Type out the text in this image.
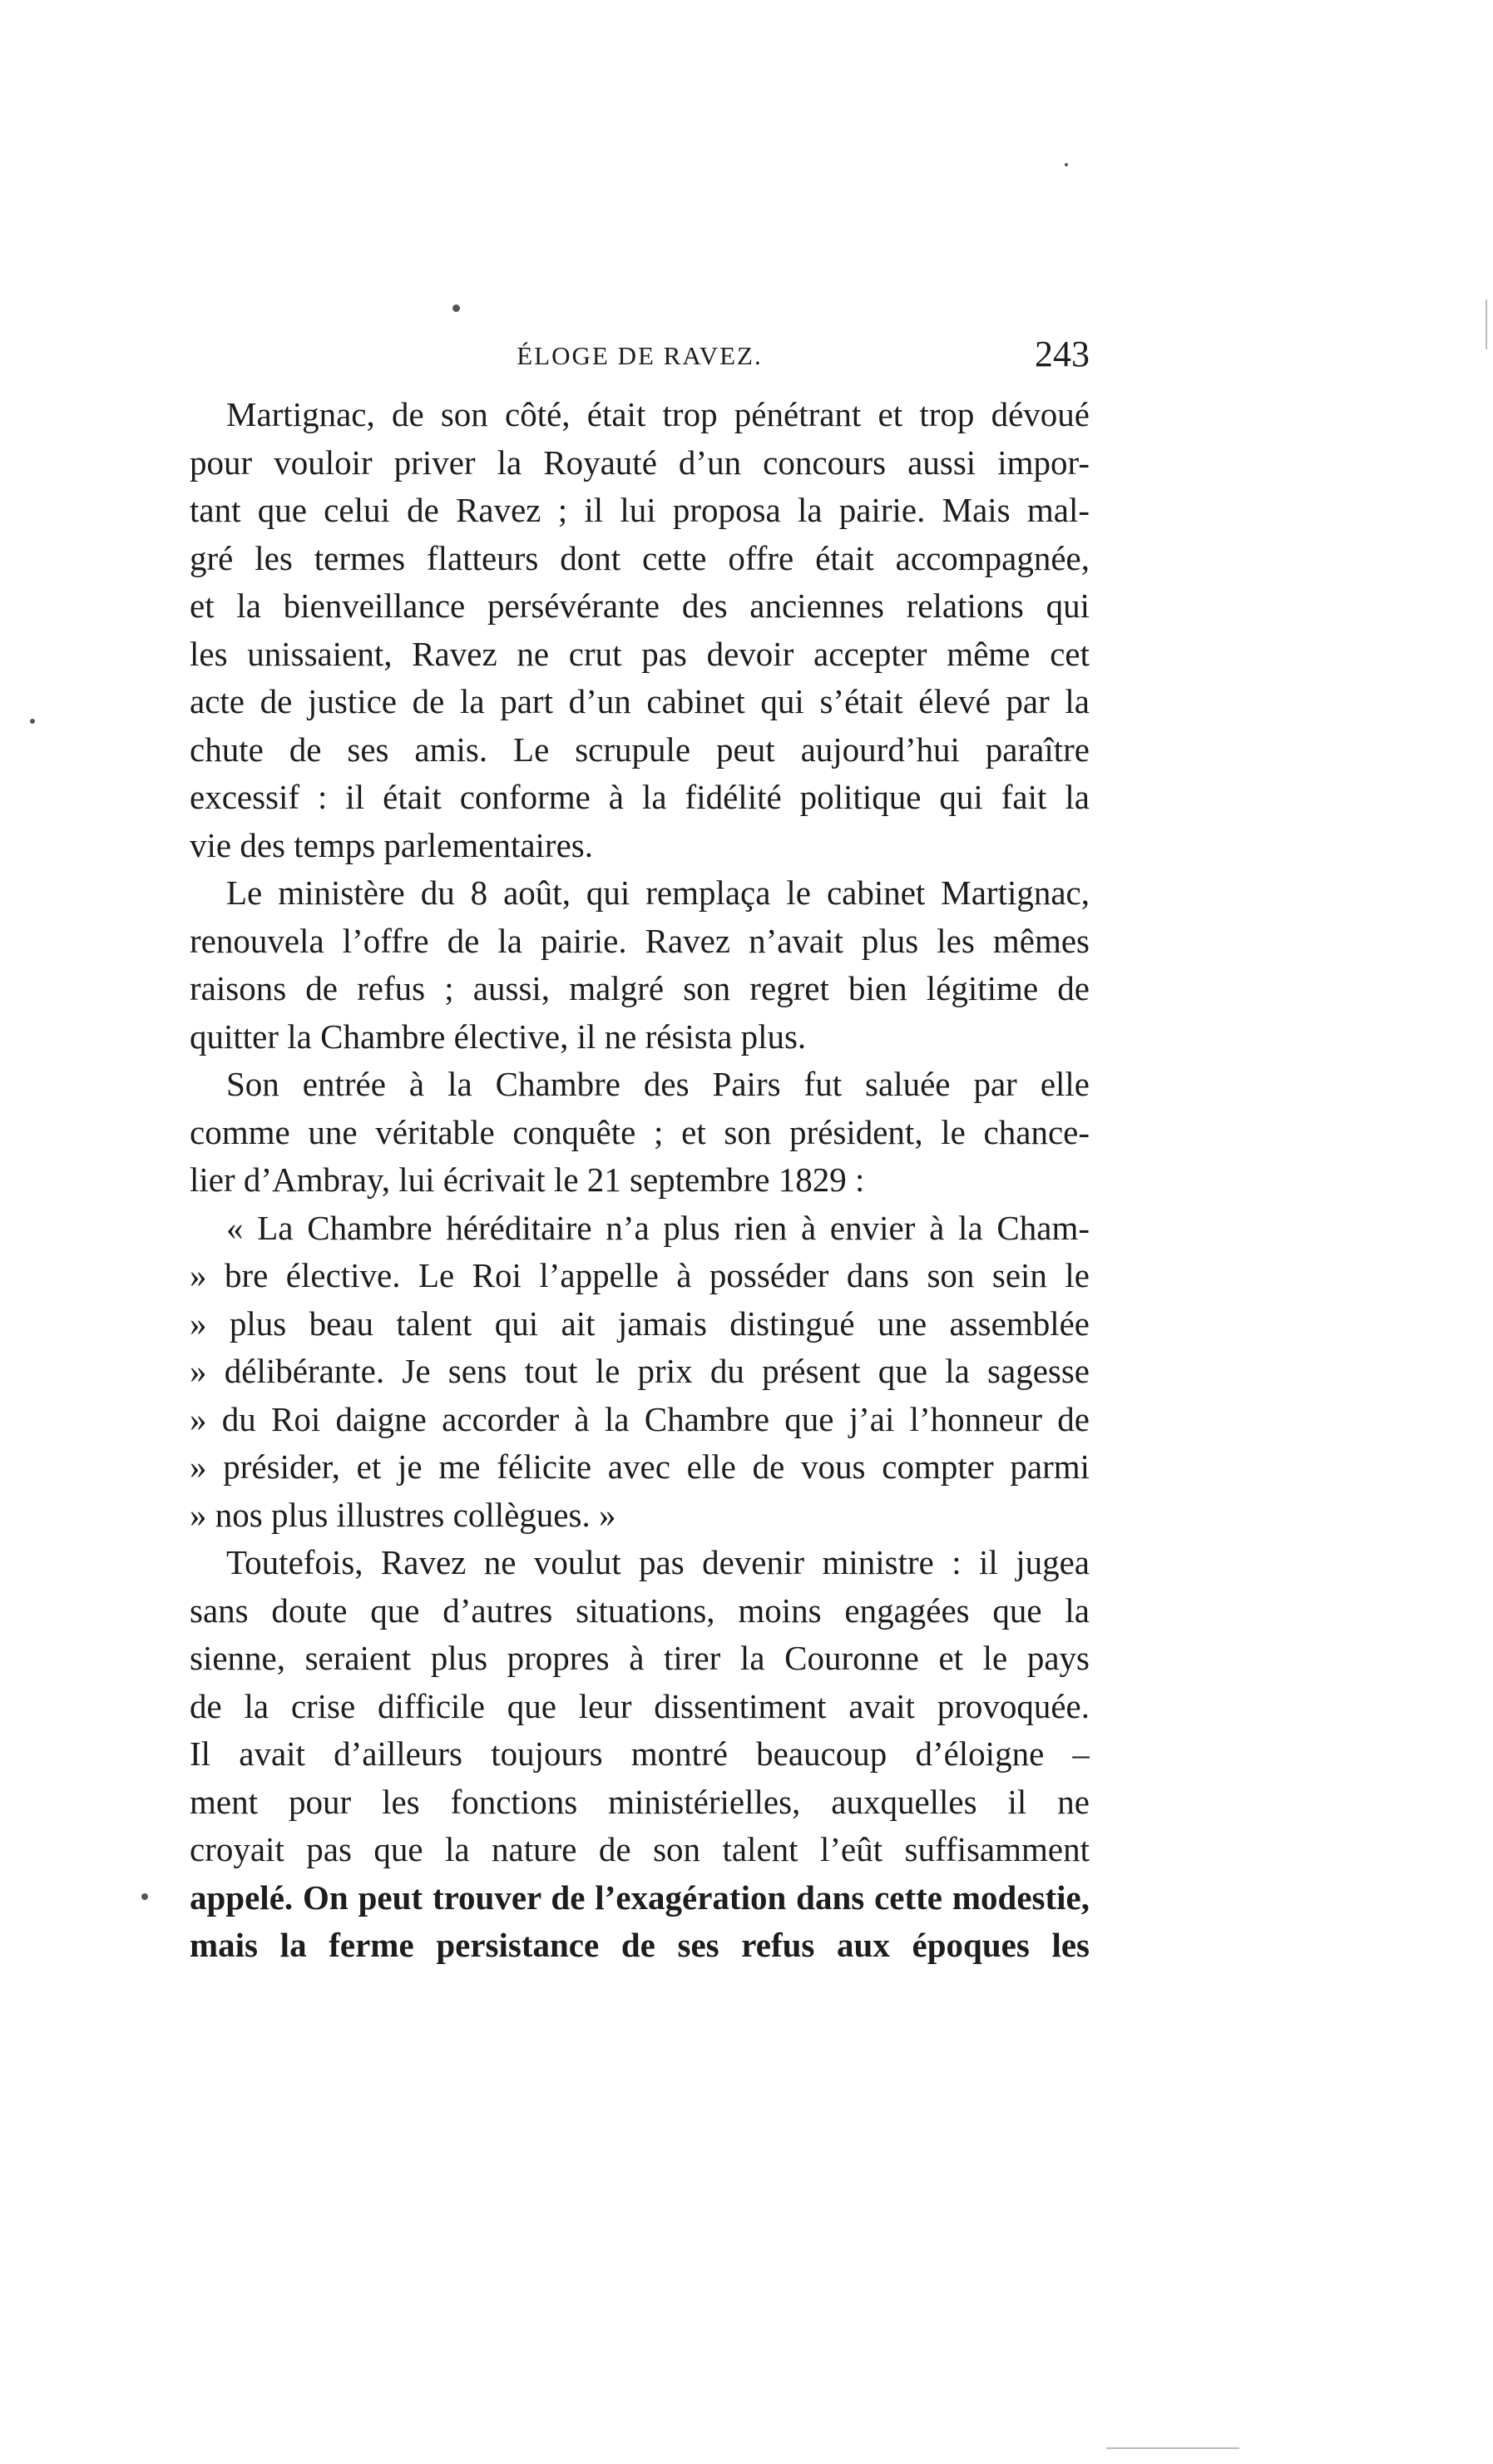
ÉLOGE DE RAVEZ.	243
Martignac, de son côté, était trop pénétrant et trop dévoué
pour vouloir priver la Royauté d’un concours aussi impor-
tant que celui de Ravez ; il lui proposa la pairie. Mais mal-
gré les termes flatteurs dont cette offre était accompagnée,
et la bienveillance persévérante des anciennes relations qui
les unissaient, Ravez ne crut pas devoir accepter même cet
acte de justice de la part d’un cabinet qui s’était élevé par la
chute de ses amis. Le scrupule peut aujourd’hui paraître
excessif : il était conforme à la fidélité politique qui fait la
vie des temps parlementaires.
Le ministère du 8 août, qui remplaça le cabinet Martignac,
renouvela l’offre de la pairie. Ravez n’avait plus les mêmes
raisons de refus ; aussi, malgré son regret bien légitime de
quitter la Chambre élective, il ne résista plus.
Son entrée à la Chambre des Pairs fut saluée par elle
comme une véritable conquête ; et son président, le chance-
lier d’Ambray, lui écrivait le 21 septembre 1829 :
« La Chambre héréditaire n’a plus rien à envier à la Cham-
» bre élective. Le Roi l’appelle à posséder dans son sein le
» plus beau talent qui ait jamais distingué une assemblée
» délibérante. Je sens tout le prix du présent que la sagesse
» du Roi daigne accorder à la Chambre que j’ai l’honneur de
» présider, et je me félicite avec elle de vous compter parmi
» nos plus illustres collègues. »
Toutefois, Ravez ne voulut pas devenir ministre : il jugea
sans doute que d’autres situations, moins engagées que la
sienne, seraient plus propres à tirer la Couronne et le pays
de la crise difficile que leur dissentiment avait provoquée.
Il avait d’ailleurs toujours montré beaucoup d’éloigne –
ment pour les fonctions ministérielles, auxquelles il ne
croyait pas que la nature de son talent l’eût suffisamment
appelé. On peut trouver de l’exagération dans cette modestie,
mais la ferme persistance de ses refus aux époques les
